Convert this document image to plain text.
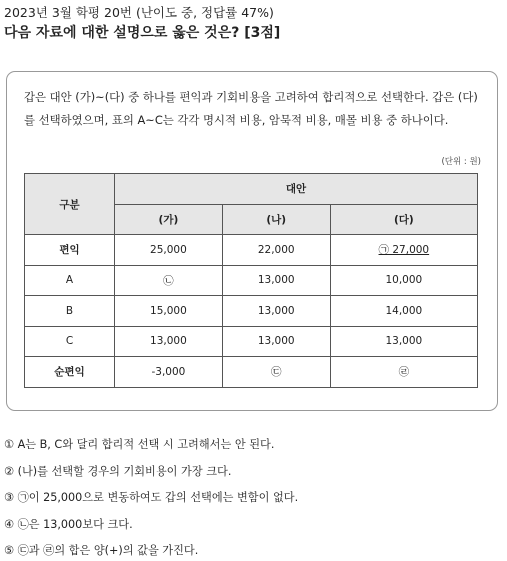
2023년 3월 학평 20번 (난이도 중, 정답률 47%)
다음 자료에 대한 설명으로 옳은 것은? [3점]
갑은 대안 (가)~(다) 중 하나를 편익과 기회비용을 고려하여 합리적으로 선택한다. 갑은 (다)를 선택하였으며, 표의 A~C는 각각 명시적 비용, 암묵적 비용, 매몰 비용 중 하나이다.
(단위 : 원)
구분	대안		
	(가)	(나)	(다)
편익	25,000	22,000	㉠ 27,000
A	㉡	13,000	10,000
B	15,000	13,000	14,000
C	13,000	13,000	13,000
순편익	-3,000	㉢	㉣
① A는 B, C와 달리 합리적 선택 시 고려해서는 안 된다.
② (나)를 선택할 경우의 기회비용이 가장 크다.
③ ㉠이 25,000으로 변동하여도 갑의 선택에는 변함이 없다.
④ ㉡은 13,000보다 크다.
⑤ ㉢과 ㉣의 합은 양(+)의 값을 가진다.
